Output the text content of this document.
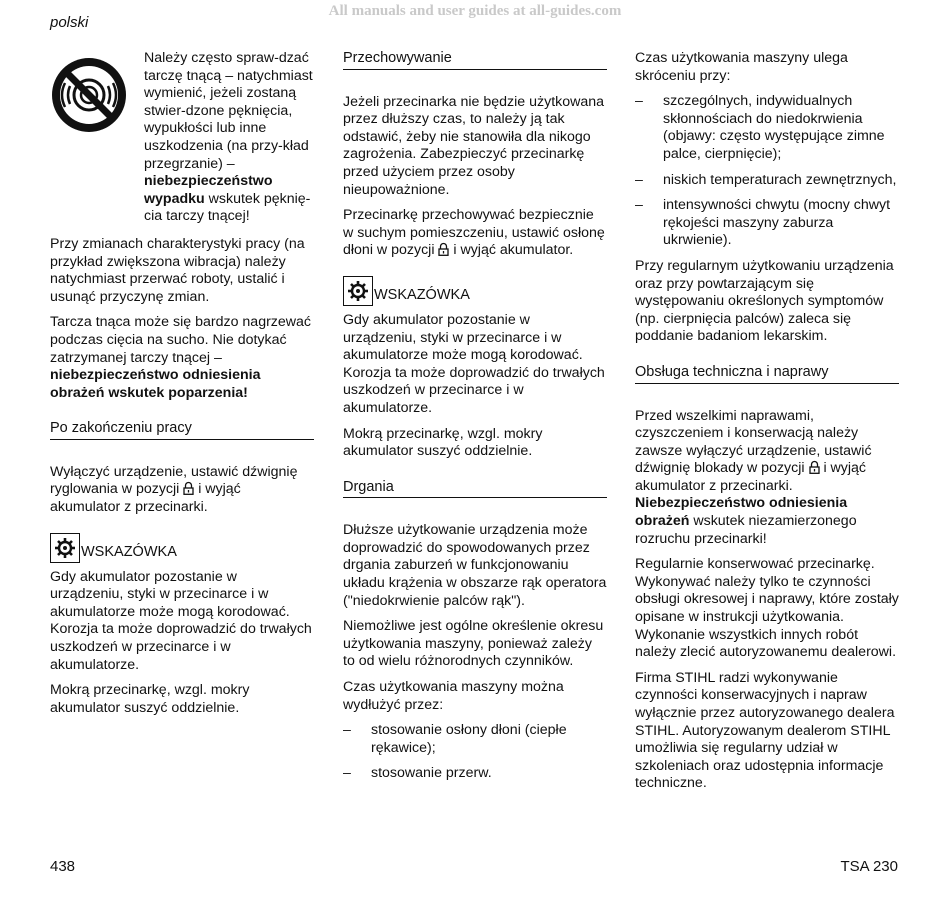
All manuals and user guides at all-guides.com
polski

Należy często spraw-dzać tarczę tnącą – natychmiast wymienić, jeżeli zostaną stwier-dzone pęknięcia, wypukłości lub inne uszkodzenia (na przy-kład przegrzanie) – niebezpieczeństwo wypadku wskutek pęknię-cia tarczy tnącej!

Przy zmianach charakterystyki pracy (na przykład zwiększona wibracja) należy natychmiast przerwać roboty, ustalić i usunąć przyczynę zmian.

Tarcza tnąca może się bardzo nagrzewać podczas cięcia na sucho. Nie dotykać zatrzymanej tarczy tnącej – niebezpieczeństwo odniesienia obrażeń wskutek poparzenia!

Po zakończeniu pracy

Wyłączyć urządzenie, ustawić dźwignię ryglowania w pozycji  i wyjąć akumulator z przecinarki.

WSKAZÓWKA

Gdy akumulator pozostanie w urządzeniu, styki w przecinarce i w akumulatorze może mogą korodować. Korozja ta może doprowadzić do trwałych uszkodzeń w przecinarce i w akumulatorze.

Mokrą przecinarkę, wzgl. mokry akumulator suszyć oddzielnie.

Przechowywanie

Jeżeli przecinarka nie będzie użytkowana przez dłuższy czas, to należy ją tak odstawić, żeby nie stanowiła dla nikogo zagrożenia. Zabezpieczyć przecinarkę przed użyciem przez osoby nieupoważnione.

Przecinarkę przechowywać bezpiecznie w suchym pomieszczeniu, ustawić osłonę dłoni w pozycji  i wyjąć akumulator.

WSKAZÓWKA

Gdy akumulator pozostanie w urządzeniu, styki w przecinarce i w akumulatorze może mogą korodować. Korozja ta może doprowadzić do trwałych uszkodzeń w przecinarce i w akumulatorze.

Mokrą przecinarkę, wzgl. mokry akumulator suszyć oddzielnie.

Drgania

Dłuższe użytkowanie urządzenia może doprowadzić do spowodowanych przez drgania zaburzeń w funkcjonowaniu układu krążenia w obszarze rąk operatora ("niedokrwienie palców rąk").

Niemożliwe jest ogólne określenie okresu użytkowania maszyny, ponieważ zależy to od wielu różnorodnych czynników.

Czas użytkowania maszyny można wydłużyć przez:

–	stosowanie osłony dłoni (ciepłe rękawice);
–	stosowanie przerw.

Czas użytkowania maszyny ulega skróceniu przy:

–	szczególnych, indywidualnych skłonnościach do niedokrwienia (objawy: często występujące zimne palce, cierpnięcie);
–	niskich temperaturach zewnętrznych,
–	intensywności chwytu (mocny chwyt rękojeści maszyny zaburza ukrwienie).

Przy regularnym użytkowaniu urządzenia oraz przy powtarzającym się występowaniu określonych symptomów (np. cierpnięcia palców) zaleca się poddanie badaniom lekarskim.

Obsługa techniczna i naprawy

Przed wszelkimi naprawami, czyszczeniem i konserwacją należy zawsze wyłączyć urządzenie, ustawić dźwignię blokady w pozycji  i wyjąć akumulator z przecinarki.
Niebezpieczeństwo odniesienia obrażeń wskutek niezamierzonego rozruchu przecinarki!

Regularnie konserwować przecinarkę. Wykonywać należy tylko te czynności obsługi okresowej i naprawy, które zostały opisane w instrukcji użytkowania. Wykonanie wszystkich innych robót należy zlecić autoryzowanemu dealerowi.

Firma STIHL radzi wykonywanie czynności konserwacyjnych i napraw wyłącznie przez autoryzowanego dealera STIHL. Autoryzowanym dealerom STIHL umożliwia się regularny udział w szkoleniach oraz udostępnia informacje techniczne.

438	TSA 230
